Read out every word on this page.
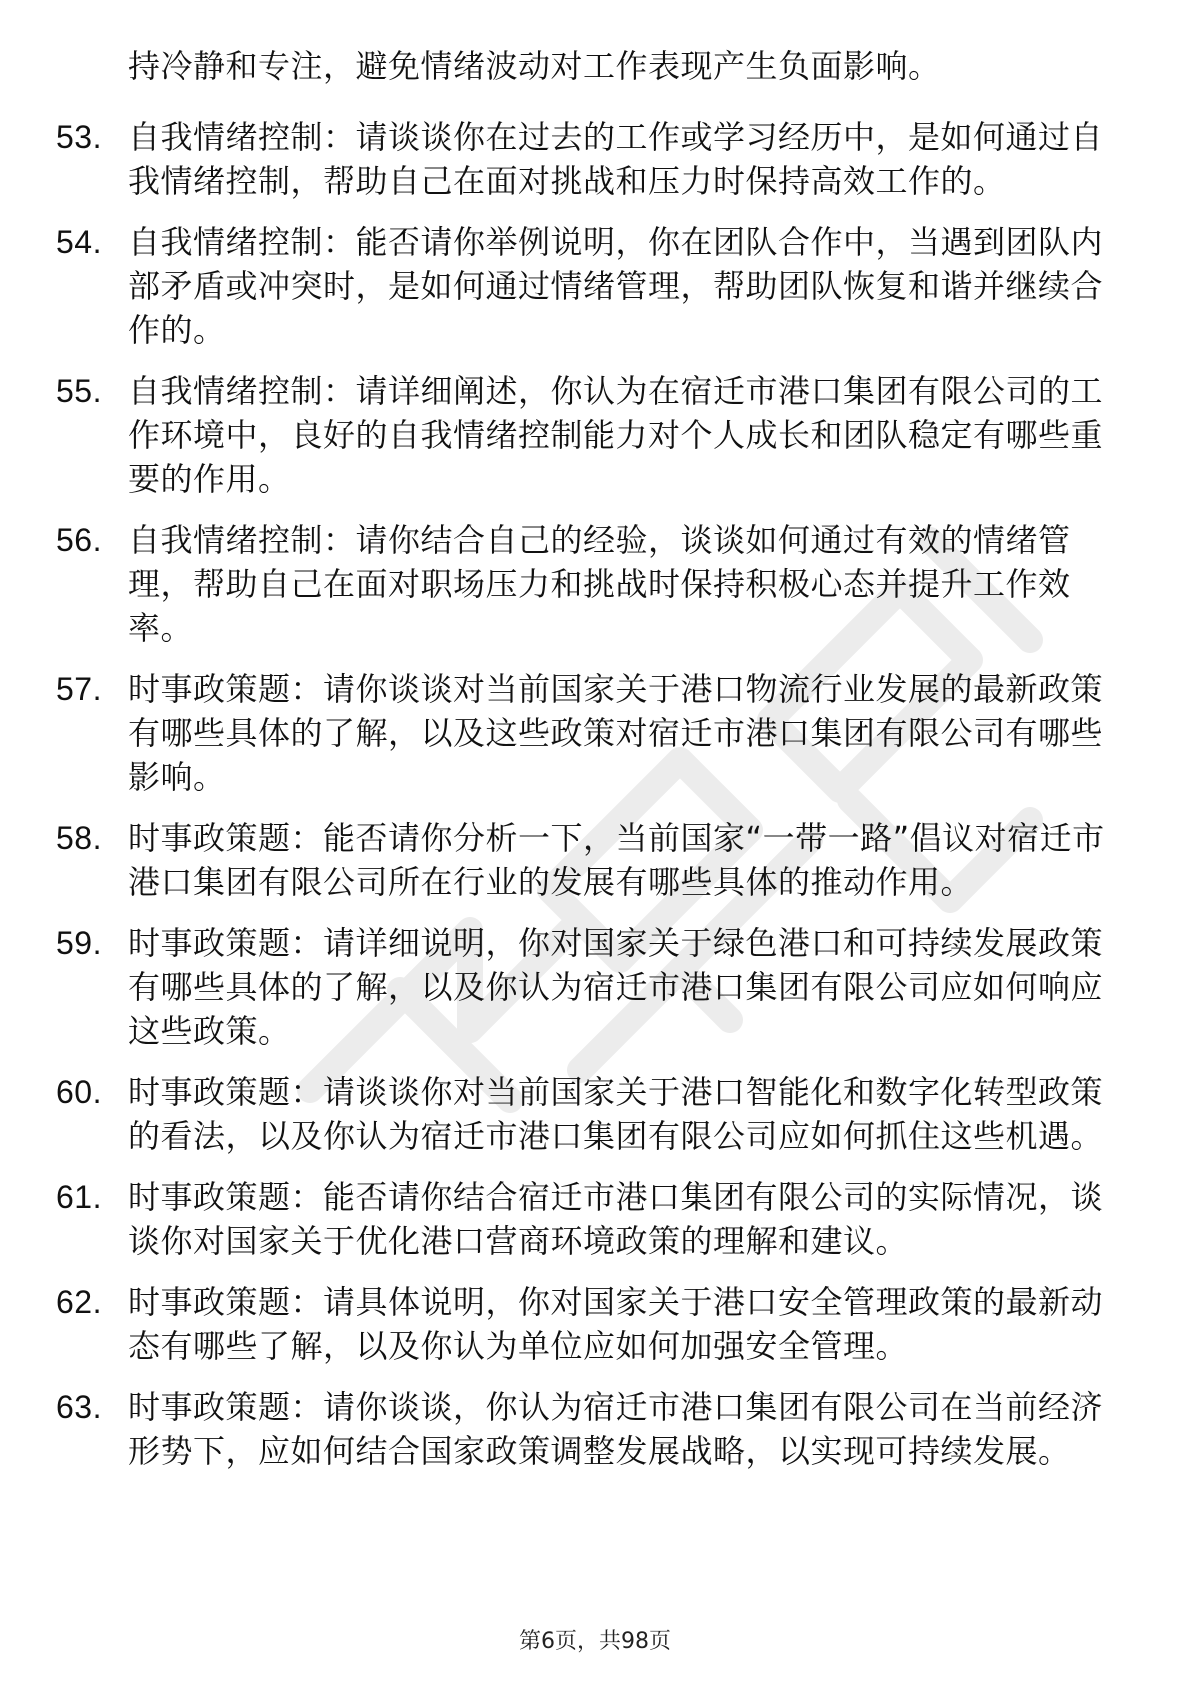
持冷静和专注，避免情绪波动对工作表现产生负面影响。
53. 自我情绪控制：请谈谈你在过去的工作或学习经历中，是如何通过自我情绪控制，帮助自己在面对挑战和压力时保持高效工作的。
54. 自我情绪控制：能否请你举例说明，你在团队合作中，当遇到团队内部矛盾或冲突时，是如何通过情绪管理，帮助团队恢复和谐并继续合作的。
55. 自我情绪控制：请详细阐述，你认为在宿迁市港口集团有限公司的工作环境中，良好的自我情绪控制能力对个人成长和团队稳定有哪些重要的作用。
56. 自我情绪控制：请你结合自己的经验，谈谈如何通过有效的情绪管理，帮助自己在面对职场压力和挑战时保持积极心态并提升工作效率。
57. 时事政策题：请你谈谈对当前国家关于港口物流行业发展的最新政策有哪些具体的了解，以及这些政策对宿迁市港口集团有限公司有哪些影响。
58. 时事政策题：能否请你分析一下，当前国家“一带一路”倡议对宿迁市港口集团有限公司所在行业的发展有哪些具体的推动作用。
59. 时事政策题：请详细说明，你对国家关于绿色港口和可持续发展政策有哪些具体的了解，以及你认为宿迁市港口集团有限公司应如何响应这些政策。
60. 时事政策题：请谈谈你对当前国家关于港口智能化和数字化转型政策的看法，以及你认为宿迁市港口集团有限公司应如何抓住这些机遇。
61. 时事政策题：能否请你结合宿迁市港口集团有限公司的实际情况，谈谈你对国家关于优化港口营商环境政策的理解和建议。
62. 时事政策题：请具体说明，你对国家关于港口安全管理政策的最新动态有哪些了解，以及你认为单位应如何加强安全管理。
63. 时事政策题：请你谈谈，你认为宿迁市港口集团有限公司在当前经济形势下，应如何结合国家政策调整发展战略，以实现可持续发展。
第6页，共98页
